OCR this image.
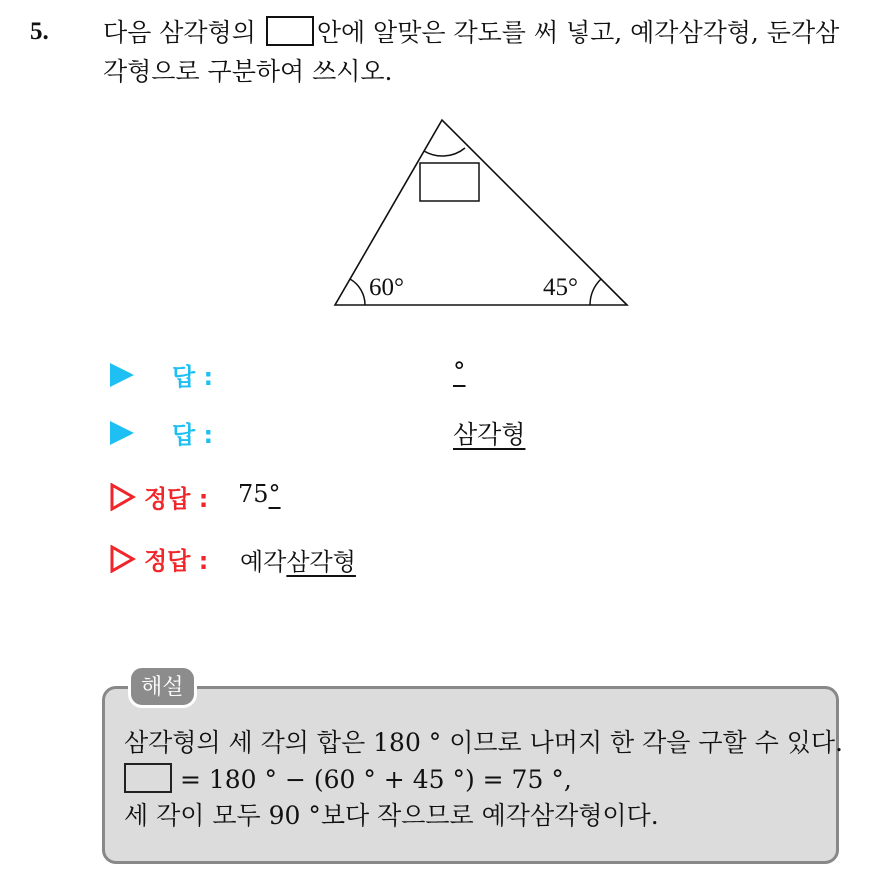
5. 다음 삼각형의 안에 알맞은 각도를 써 넣고, 예각삼각형, 둔각삼
각형으로 구분하여 쓰시오.
60°	45°
답 :	°
답 :	삼각형
정답 : 75°
정답 : 예각삼각형
해설
삼각형의 세 각의 합은 180 ° 이므로 나머지 한 각을 구할 수 있다.
= 180 ° − (60 ° + 45 °) = 75 °,
세 각이 모두 90 °보다 작으므로 예각삼각형이다.
